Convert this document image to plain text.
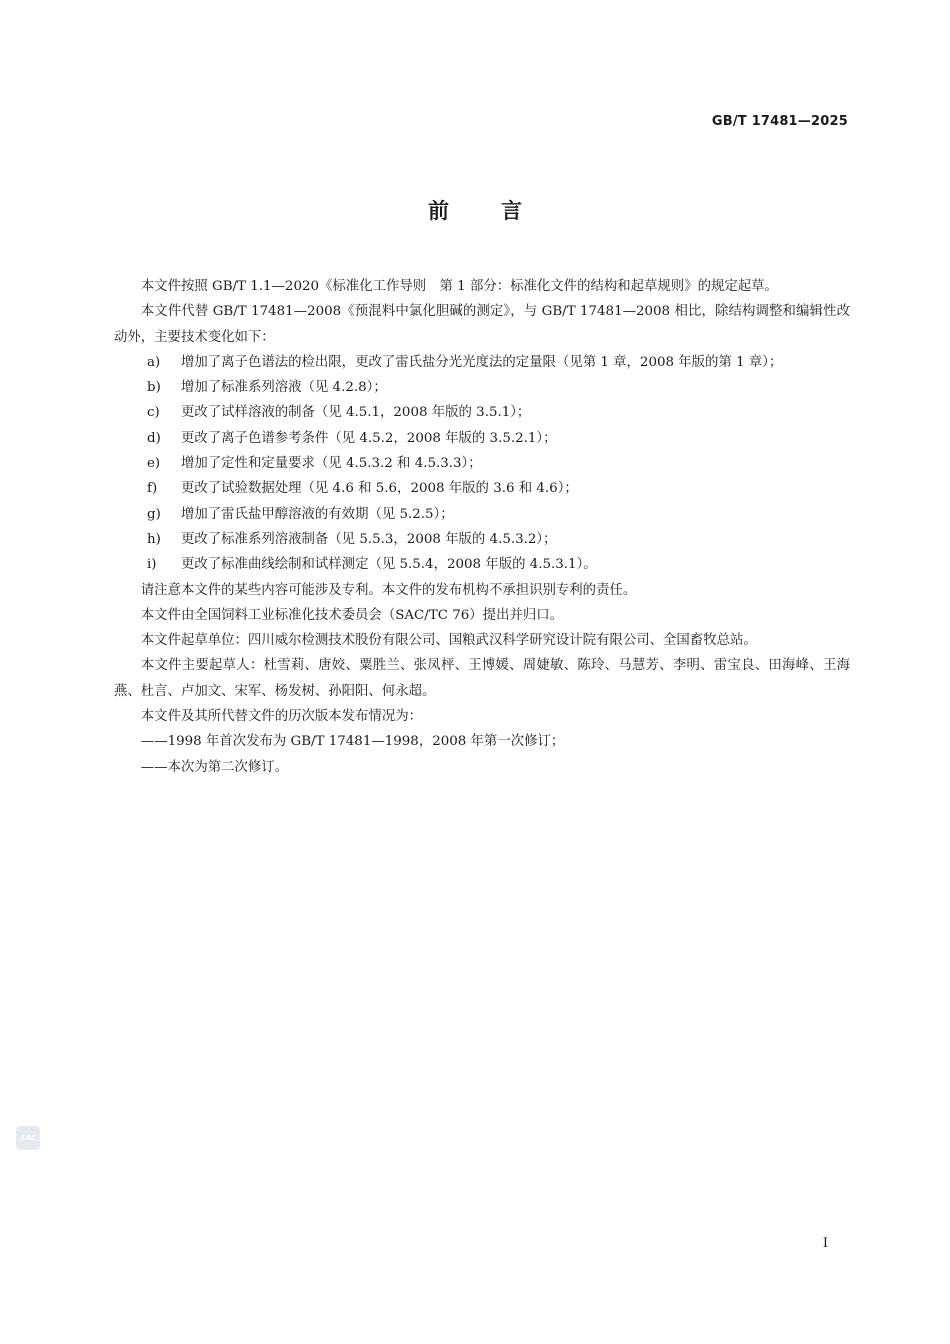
GB/T 17481—2025
前言

本文件按照 GB/T 1.1—2020《标准化工作导则　第 1 部分：标准化文件的结构和起草规则》的规定起草。

本文件代替 GB/T 17481—2008《预混料中氯化胆碱的测定》，与 GB/T 17481—2008 相比，除结构调整和编辑性改动外，主要技术变化如下：

a) 增加了离子色谱法的检出限，更改了雷氏盐分光光度法的定量限（见第 1 章，2008 年版的第 1 章）；
b) 增加了标准系列溶液（见 4.2.8）；
c) 更改了试样溶液的制备（见 4.5.1，2008 年版的 3.5.1）；
d) 更改了离子色谱参考条件（见 4.5.2，2008 年版的 3.5.2.1）；
e) 增加了定性和定量要求（见 4.5.3.2 和 4.5.3.3）；
f) 更改了试验数据处理（见 4.6 和 5.6，2008 年版的 3.6 和 4.6）；
g) 增加了雷氏盐甲醇溶液的有效期（见 5.2.5）；
h) 更改了标准系列溶液制备（见 5.5.3，2008 年版的 4.5.3.2）；
i) 更改了标准曲线绘制和试样测定（见 5.5.4，2008 年版的 4.5.3.1）。

请注意本文件的某些内容可能涉及专利。本文件的发布机构不承担识别专利的责任。

本文件由全国饲料工业标准化技术委员会（SAC/TC 76）提出并归口。

本文件起草单位：四川威尔检测技术股份有限公司、国粮武汉科学研究设计院有限公司、全国畜牧总站。

本文件主要起草人：杜雪莉、唐姣、粟胜兰、张凤枰、王博媛、周婕敏、陈玲、马慧芳、李明、雷宝良、田海峰、王海燕、杜言、卢加文、宋军、杨发树、孙阳阳、何永超。

本文件及其所代替文件的历次版本发布情况为：

——1998 年首次发布为 GB/T 17481—1998，2008 年第一次修订；

——本次为第二次修订。

SAC
I
